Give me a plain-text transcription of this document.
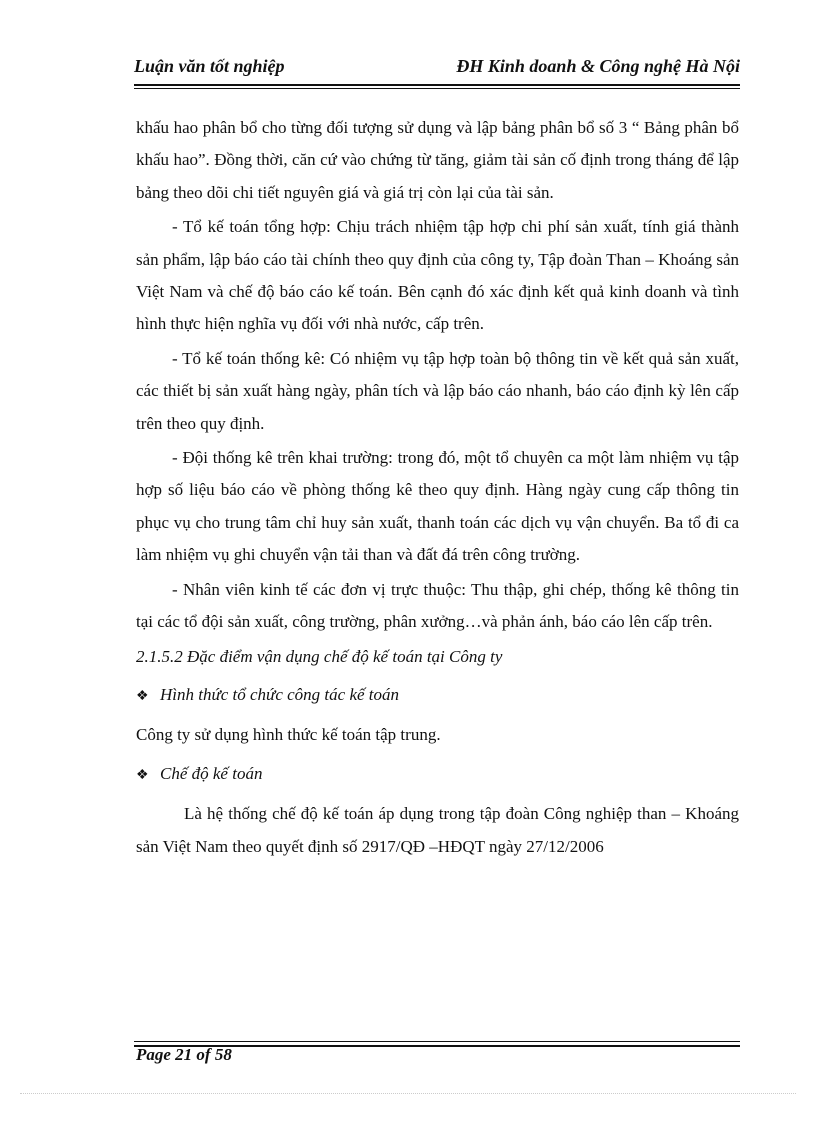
Luận văn tốt nghiệp	ĐH Kinh doanh & Công nghệ Hà Nội

khấu hao phân bổ cho từng đối tượng sử dụng và lập bảng phân bổ số 3 “ Bảng phân bổ khấu hao”. Đồng thời, căn cứ vào chứng từ tăng, giảm tài sản cố định trong tháng để lập bảng theo dõi chi tiết nguyên giá và giá trị còn lại của tài sản.

- Tổ kế toán tổng hợp: Chịu trách nhiệm tập hợp chi phí sản xuất, tính giá thành sản phẩm, lập báo cáo tài chính theo quy định của công ty, Tập đoàn Than – Khoáng sản Việt Nam và chế độ báo cáo kế toán. Bên cạnh đó xác định kết quả kinh doanh và tình hình thực hiện nghĩa vụ đối với nhà nước, cấp trên.

- Tổ kế toán thống kê: Có nhiệm vụ tập hợp toàn bộ thông tin về kết quả sản xuất, các thiết bị sản xuất hàng ngày, phân tích và lập báo cáo nhanh, báo cáo định kỳ lên cấp trên theo quy định.

- Đội thống kê trên khai trường: trong đó, một tổ chuyên ca một làm nhiệm vụ tập hợp số liệu báo cáo về phòng thống kê theo quy định. Hàng ngày cung cấp thông tin phục vụ cho trung tâm chỉ huy sản xuất, thanh toán các dịch vụ vận chuyển. Ba tổ đi ca làm nhiệm vụ ghi chuyển vận tải than và đất đá trên công trường.

- Nhân viên kinh tế các đơn vị trực thuộc: Thu thập, ghi chép, thống kê thông tin tại các tổ đội sản xuất, công trường, phân xưởng…và phản ánh, báo cáo lên cấp trên.

2.1.5.2 Đặc điểm vận dụng chế độ kế toán tại Công ty

❖ Hình thức tổ chức công tác kế toán

Công ty sử dụng hình thức kế toán tập trung.

❖ Chế độ kế toán

Là hệ thống chế độ kế toán áp dụng trong tập đoàn Công nghiệp than – Khoáng sản Việt Nam theo quyết định số 2917/QĐ –HĐQT ngày 27/12/2006

Page 21 of 58
